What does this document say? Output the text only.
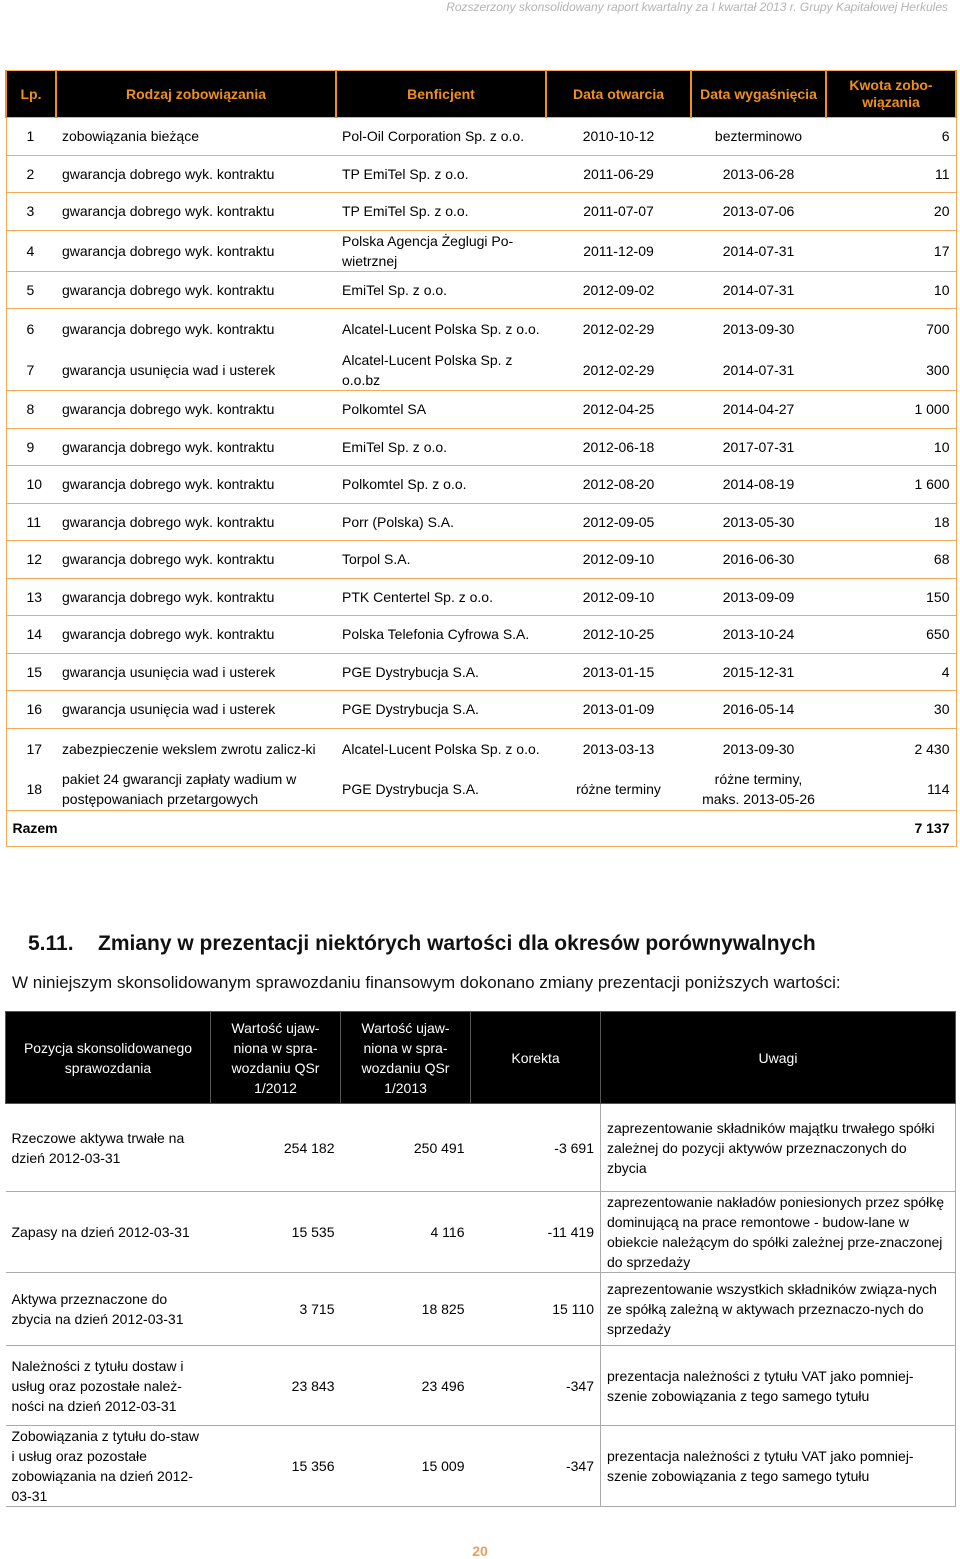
Rozszerzony skonsolidowany raport kwartalny za I kwartał 2013 r. Grupy Kapitałowej Herkules
Lp.	Rodzaj zobowiązania	Benficjent	Data otwarcia	Data wygaśnięcia	Kwota zobo-wiązania
1	zobowiązania bieżące	Pol-Oil Corporation Sp. z o.o.	2010-10-12	bezterminowo	6
2	gwarancja dobrego wyk. kontraktu	TP EmiTel Sp. z o.o.	2011-06-29	2013-06-28	11
3	gwarancja dobrego wyk. kontraktu	TP EmiTel Sp. z o.o.	2011-07-07	2013-07-06	20
4	gwarancja dobrego wyk. kontraktu	Polska Agencja Żeglugi Po-wietrznej	2011-12-09	2014-07-31	17
5	gwarancja dobrego wyk. kontraktu	EmiTel Sp. z o.o.	2012-09-02	2014-07-31	10
6	gwarancja dobrego wyk. kontraktu	Alcatel-Lucent Polska Sp. z o.o.	2012-02-29	2013-09-30	700
7	gwarancja usunięcia wad i usterek	Alcatel-Lucent Polska Sp. z o.o.bz	2012-02-29	2014-07-31	300
8	gwarancja dobrego wyk. kontraktu	Polkomtel SA	2012-04-25	2014-04-27	1 000
9	gwarancja dobrego wyk. kontraktu	EmiTel Sp. z o.o.	2012-06-18	2017-07-31	10
10	gwarancja dobrego wyk. kontraktu	Polkomtel Sp. z o.o.	2012-08-20	2014-08-19	1 600
11	gwarancja dobrego wyk. kontraktu	Porr (Polska) S.A.	2012-09-05	2013-05-30	18
12	gwarancja dobrego wyk. kontraktu	Torpol S.A.	2012-09-10	2016-06-30	68
13	gwarancja dobrego wyk. kontraktu	PTK Centertel Sp. z o.o.	2012-09-10	2013-09-09	150
14	gwarancja dobrego wyk. kontraktu	Polska Telefonia Cyfrowa S.A.	2012-10-25	2013-10-24	650
15	gwarancja usunięcia wad i usterek	PGE Dystrybucja S.A.	2013-01-15	2015-12-31	4
16	gwarancja usunięcia wad i usterek	PGE Dystrybucja S.A.	2013-01-09	2016-05-14	30
17	zabezpieczenie wekslem zwrotu zalicz-ki	Alcatel-Lucent Polska Sp. z o.o.	2013-03-13	2013-09-30	2 430
18	pakiet 24 gwarancji zapłaty wadium w postępowaniach przetargowych	PGE Dystrybucja S.A.	różne terminy	różne terminy, maks. 2013-05-26	114
Razem					7 137
5.11. Zmiany w prezentacji niektórych wartości dla okresów porównywalnych
W niniejszym skonsolidowanym sprawozdaniu finansowym dokonano zmiany prezentacji poniższych wartości:
Pozycja skonsolidowanego sprawozdania	Wartość ujaw-niona w spra-wozdaniu QSr 1/2012	Wartość ujaw-niona w spra-wozdaniu QSr 1/2013	Korekta	Uwagi
Rzeczowe aktywa trwałe na dzień 2012-03-31	254 182	250 491	-3 691	zaprezentowanie składników majątku trwałego spółki zależnej do pozycji aktywów przeznaczonych do zbycia
Zapasy na dzień 2012-03-31	15 535	4 116	-11 419	zaprezentowanie nakładów poniesionych przez spółkę dominującą na prace remontowe - budow-lane w obiekcie należącym do spółki zależnej prze-znaczonej do sprzedaży
Aktywa przeznaczone do zbycia na dzień 2012-03-31	3 715	18 825	15 110	zaprezentowanie wszystkich składników związa-nych ze spółką zależną w aktywach przeznaczo-nych do sprzedaży
Należności z tytułu dostaw i usług oraz pozostałe należ-ności na dzień 2012-03-31	23 843	23 496	-347	prezentacja należności z tytułu VAT jako pomniej-szenie zobowiązania z tego samego tytułu
Zobowiązania z tytułu do-staw i usług oraz pozostałe zobowiązania na dzień 2012-03-31	15 356	15 009	-347	prezentacja należności z tytułu VAT jako pomniej-szenie zobowiązania z tego samego tytułu
20
